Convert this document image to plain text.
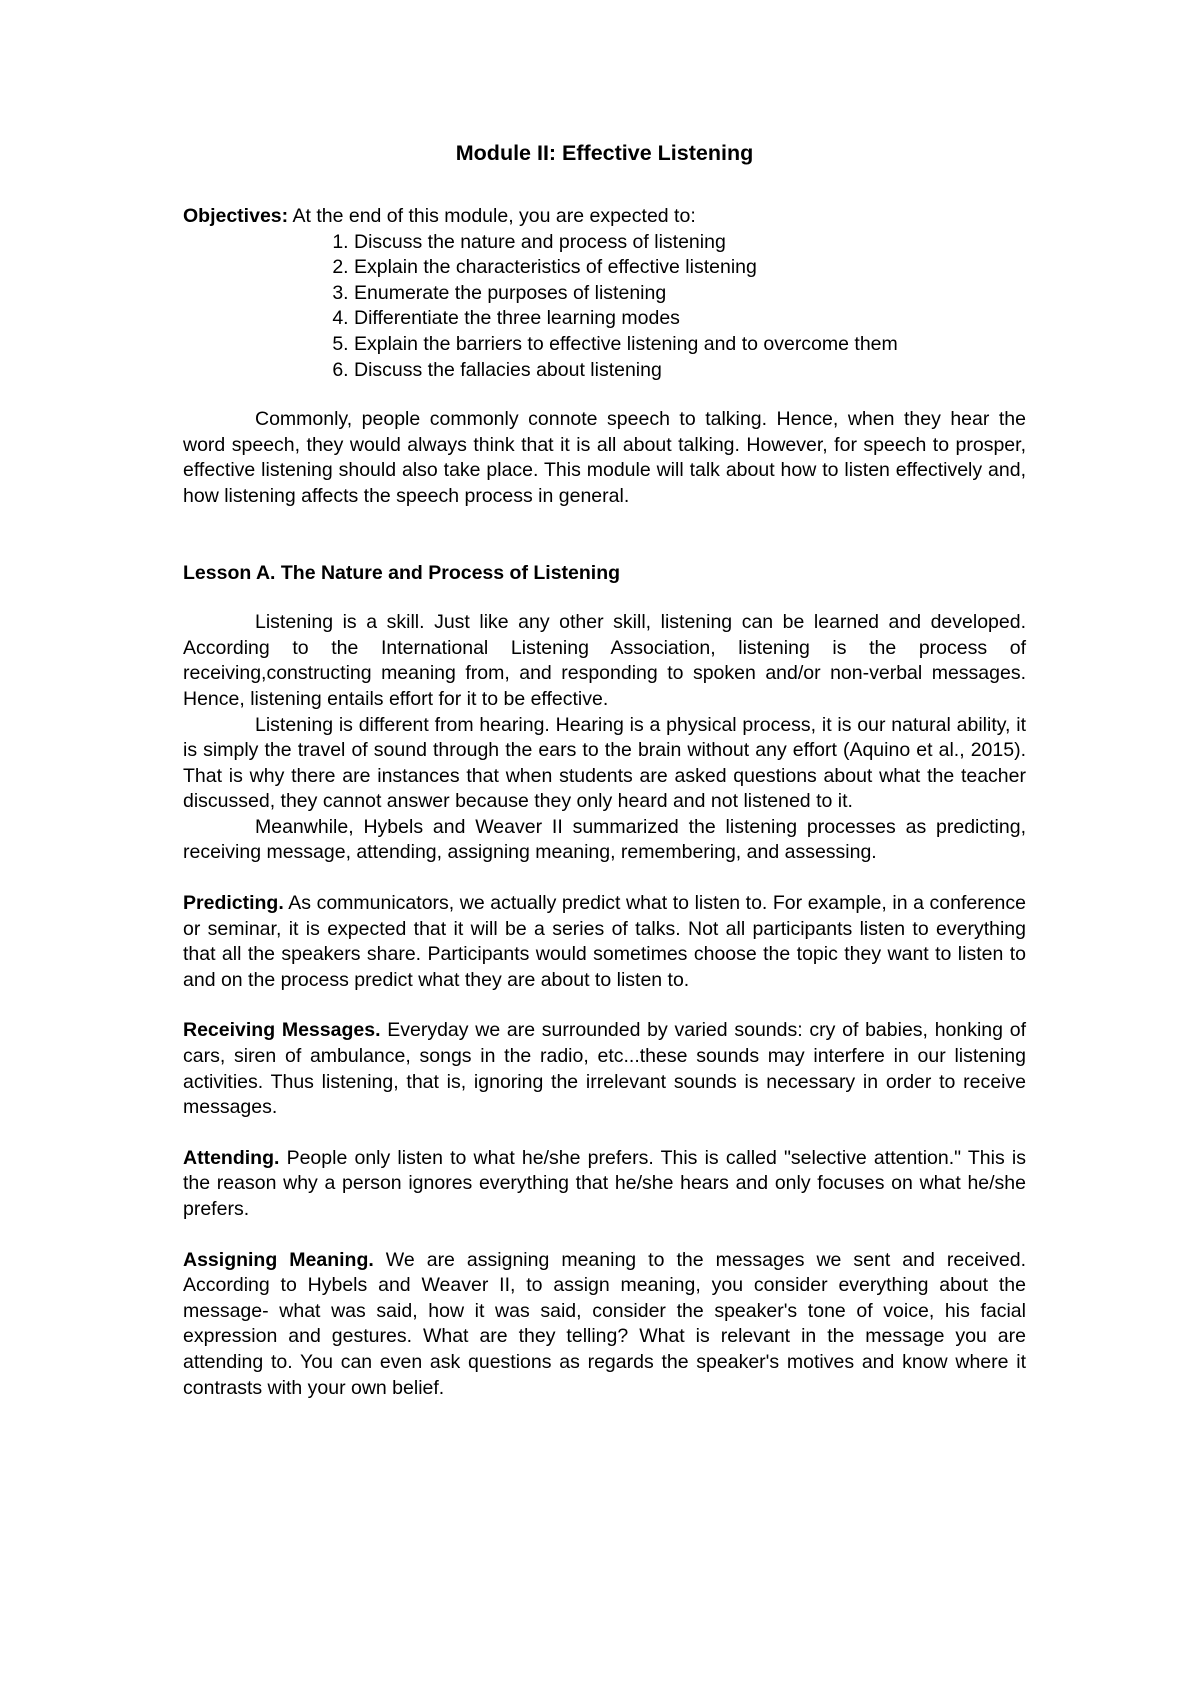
Module II: Effective Listening

Objectives: At the end of this module, you are expected to:

1. Discuss the nature and process of listening
2. Explain the characteristics of effective listening
3. Enumerate the purposes of listening
4. Differentiate the three learning modes
5. Explain the barriers to effective listening and to overcome them
6. Discuss the fallacies about listening

Commonly, people commonly connote speech to talking. Hence, when they hear the word speech, they would always think that it is all about talking. However, for speech to prosper, effective listening should also take place. This module will talk about how to listen effectively and, how listening affects the speech process in general.

Lesson A. The Nature and Process of Listening

Listening is a skill. Just like any other skill, listening can be learned and developed. According to the International Listening Association, listening is the process of receiving,constructing meaning from, and responding to spoken and/or non-verbal messages. Hence, listening entails effort for it to be effective.

Listening is different from hearing. Hearing is a physical process, it is our natural ability, it is simply the travel of sound through the ears to the brain without any effort (Aquino et al., 2015). That is why there are instances that when students are asked questions about what the teacher discussed, they cannot answer because they only heard and not listened to it.

Meanwhile, Hybels and Weaver II summarized the listening processes as predicting, receiving message, attending, assigning meaning, remembering, and assessing.

Predicting. As communicators, we actually predict what to listen to. For example, in a conference or seminar, it is expected that it will be a series of talks. Not all participants listen to everything that all the speakers share. Participants would sometimes choose the topic they want to listen to and on the process predict what they are about to listen to.

Receiving Messages. Everyday we are surrounded by varied sounds: cry of babies, honking of cars, siren of ambulance, songs in the radio, etc...these sounds may interfere in our listening activities. Thus listening, that is, ignoring the irrelevant sounds is necessary in order to receive messages.

Attending. People only listen to what he/she prefers. This is called "selective attention." This is the reason why a person ignores everything that he/she hears and only focuses on what he/she prefers.

Assigning Meaning. We are assigning meaning to the messages we sent and received. According to Hybels and Weaver II, to assign meaning, you consider everything about the message- what was said, how it was said, consider the speaker's tone of voice, his facial expression and gestures. What are they telling? What is relevant in the message you are attending to. You can even ask questions as regards the speaker's motives and know where it contrasts with your own belief.
